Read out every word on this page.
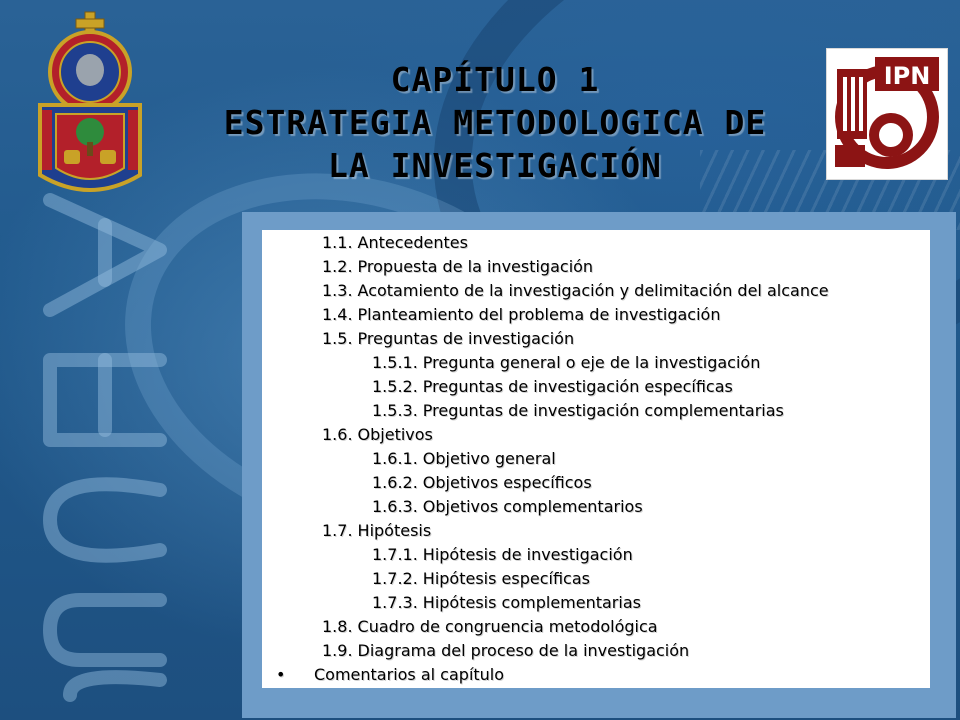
IPN
CAPÍTULO 1
ESTRATEGIA METODOLOGICA DE
LA INVESTIGACIÓN
1.1. Antecedentes
1.2. Propuesta de la investigación
1.3. Acotamiento de la investigación y delimitación del alcance
1.4. Planteamiento del problema de investigación
1.5. Preguntas de investigación
1.5.1. Pregunta general o eje de la investigación
1.5.2. Preguntas de investigación específicas
1.5.3. Preguntas de investigación complementarias
1.6. Objetivos
1.6.1. Objetivo general
1.6.2. Objetivos específicos
1.6.3. Objetivos complementarios
1.7. Hipótesis
1.7.1. Hipótesis de investigación
1.7.2. Hipótesis específicas
1.7.3. Hipótesis complementarias
1.8. Cuadro de congruencia metodológica
1.9. Diagrama del proceso de la investigación
•	Comentarios al capítulo
